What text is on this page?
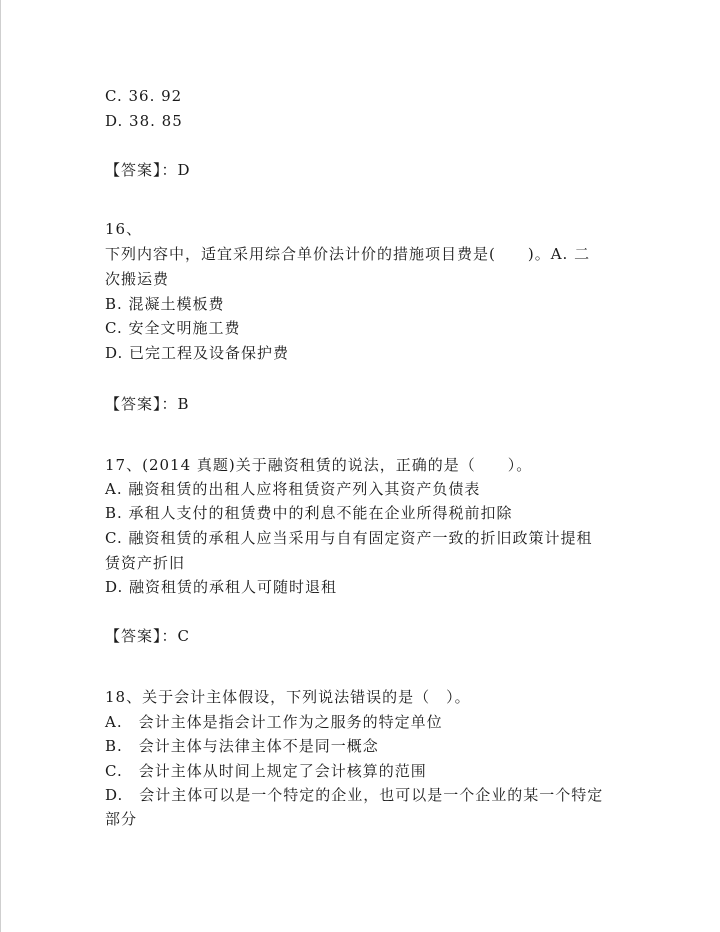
C. 36. 92
D. 38. 85
【答案】：D
16、
下列内容中，适宜采用综合单价法计价的措施项目费是(　　)。A. 二
次搬运费
B. 混凝土模板费
C. 安全文明施工费
D. 已完工程及设备保护费
【答案】：B
17、(2014 真题)关于融资租赁的说法，正确的是（　　）。
A. 融资租赁的出租人应将租赁资产列入其资产负债表
B. 承租人支付的租赁费中的利息不能在企业所得税前扣除
C. 融资租赁的承租人应当采用与自有固定资产一致的折旧政策计提租
赁资产折旧
D. 融资租赁的承租人可随时退租
【答案】：C
18、关于会计主体假设，下列说法错误的是（　）。
A.　会计主体是指会计工作为之服务的特定单位
B.　会计主体与法律主体不是同一概念
C.　会计主体从时间上规定了会计核算的范围
D.　会计主体可以是一个特定的企业，也可以是一个企业的某一个特定
部分
